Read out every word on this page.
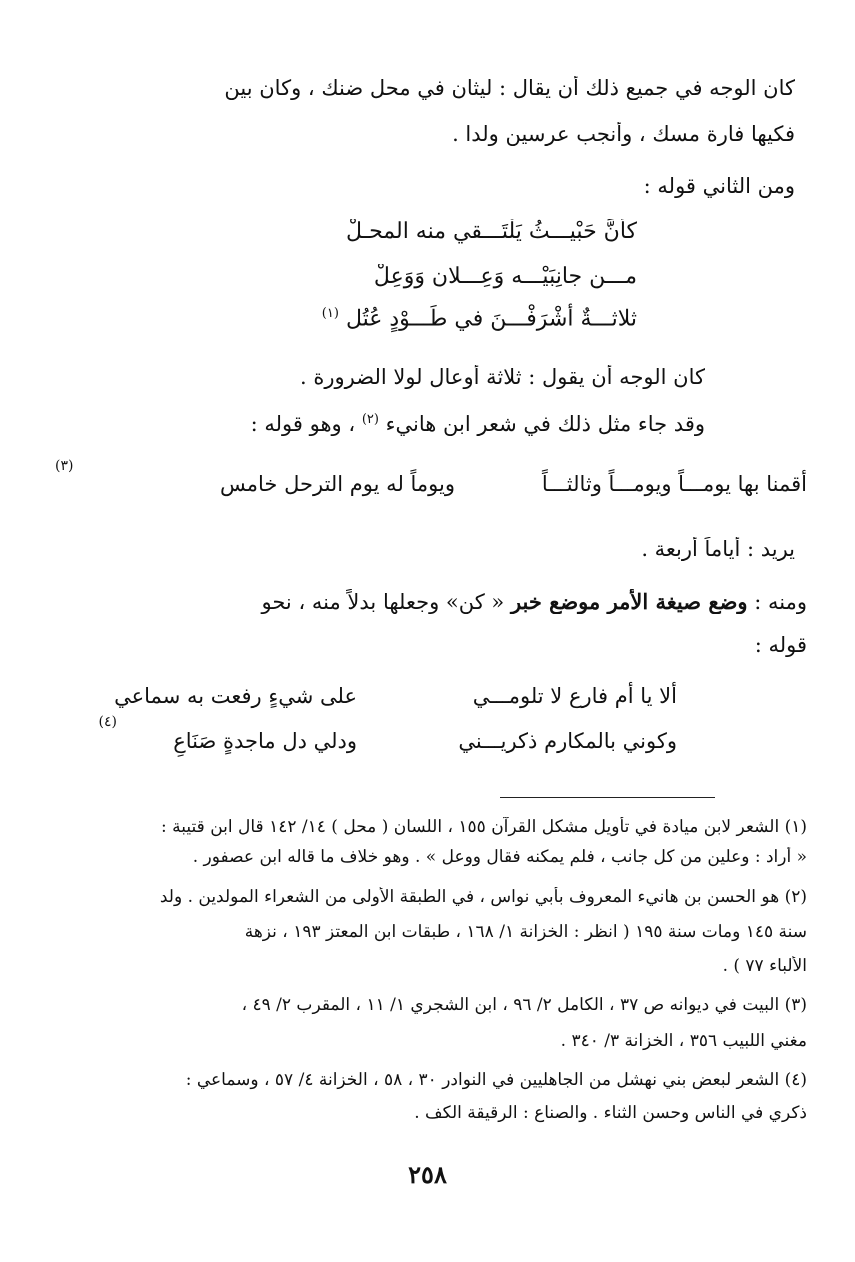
كان الوجه في جميع ذلك أن يقال : ليثان في محل ضنك ، وكان بين
فكيها فارة مسك ، وأنجب عرسين ولدا .
ومن الثاني قوله :
كأنَّ حَبْيـــثُ يَلْتَـــقي منه المحـلْ
مـــن جانِبَيْـــه وَعِـــلان وَوَعِلْ
ثلاثـــةٌ أشْرَفْـــنَ في طَـــوْدٍ عُتُل $^{(١)}$
كان الوجه أن يقول : ثلاثة أوعال لولا الضرورة .
وقد جاء مثل ذلك في شعر ابن هانيء $^{(٢)}$ ، وهو قوله :
أقمنا بها يومـــاً ويومـــاً وثالثـــاً
ويوماً له يوم الترحل خامس
(٣)
يريد : أياماً أربعة .
ومنه : وضع صيغة الأمر موضع خبر « كن» وجعلها بدلاً منه ، نحو
قوله :
ألا يا أم فارع لا تلومـــي
على شيءٍ رفعت به سماعي
وكوني بالمكارم ذكريـــني
ودلي دل ماجدةٍ صَنَاعِ
(٤)
(١) الشعر لابن ميادة في تأويل مشكل القرآن ١٥٥ ، اللسان ( محل ) ١٤/ ١٤٢ قال ابن قتيبة :
« أراد : وعلين من كل جانب ، فلم يمكنه فقال ووعل » . وهو خلاف ما قاله ابن عصفور .
(٢) هو الحسن بن هانيء المعروف بأبي نواس ، في الطبقة الأولى من الشعراء المولدين . ولد
سنة ١٤٥ ومات سنة ١٩٥ ( انظر : الخزانة ١/ ١٦٨ ، طبقات ابن المعتز ١٩٣ ، نزهة
الألباء ٧٧ ) .
(٣) البيت في ديوانه ص ٣٧ ، الكامل ٢/ ٩٦ ، ابن الشجري ١/ ١١ ، المقرب ٢/ ٤٩ ،
مغني اللبيب ٣٥٦ ، الخزانة ٣/ ٣٤٠ .
(٤) الشعر لبعض بني نهشل من الجاهليين في النوادر ٣٠ ، ٥٨ ، الخزانة ٤/ ٥٧ ، وسماعي :
ذكري في الناس وحسن الثناء . والصناع : الرقيقة الكف .
٢٥٨
